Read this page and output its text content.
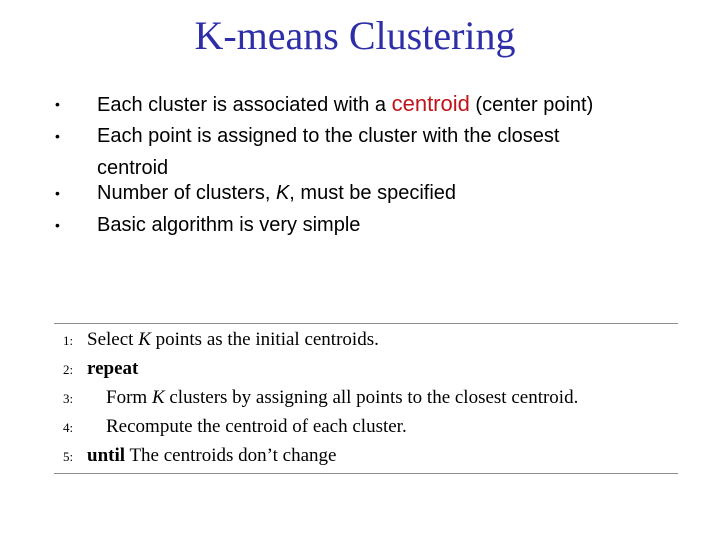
K-means Clustering
• Each cluster is associated with a centroid (center point)
• Each point is assigned to the cluster with the closest
centroid
• Number of clusters, K, must be specified
• Basic algorithm is very simple
1: Select K points as the initial centroids.
2: repeat
3:	Form K clusters by assigning all points to the closest centroid.
4:	Recompute the centroid of each cluster.
5: until The centroids don’t change
